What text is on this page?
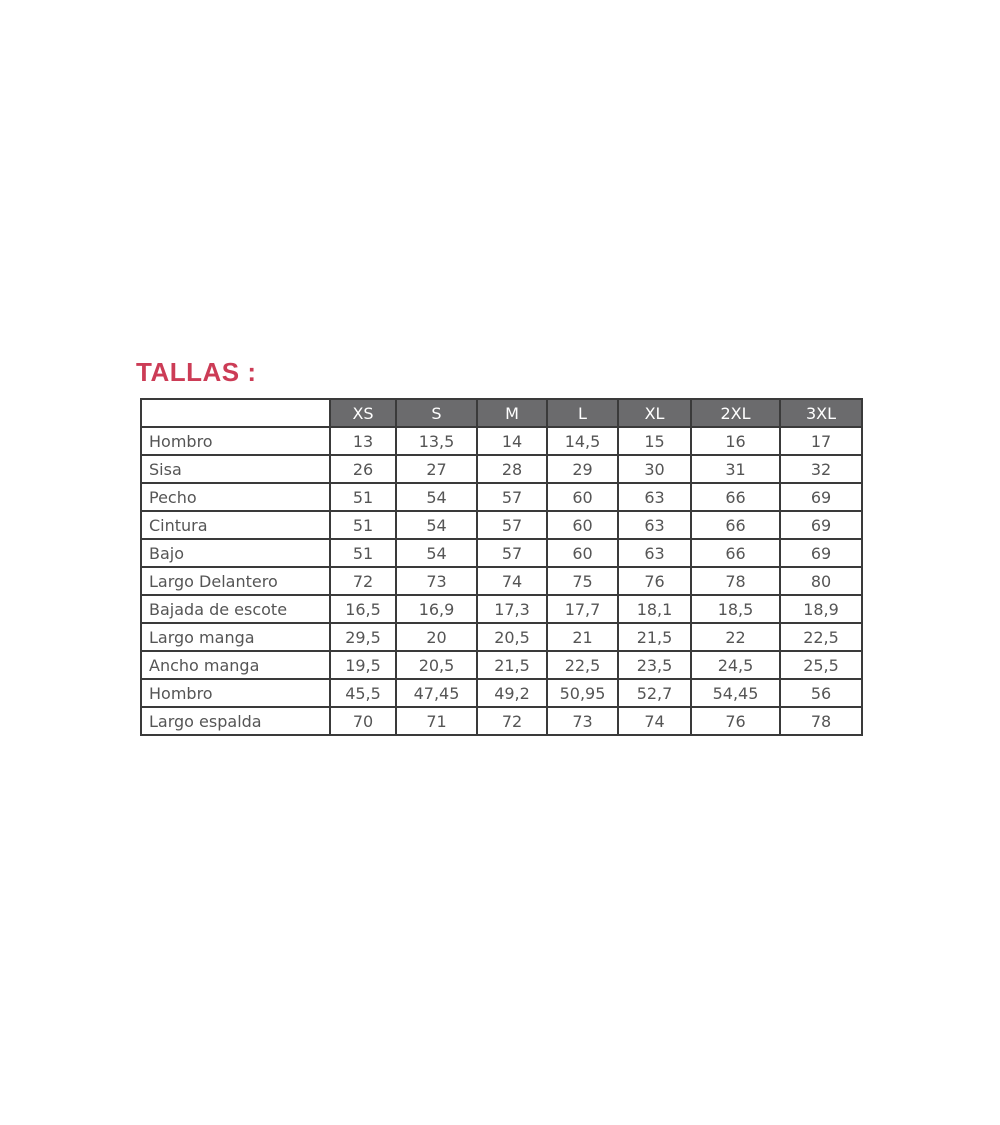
TALLAS :
	XS	S	M	L	XL	2XL	3XL
Hombro	13	13,5	14	14,5	15	16	17
Sisa	26	27	28	29	30	31	32
Pecho	51	54	57	60	63	66	69
Cintura	51	54	57	60	63	66	69
Bajo	51	54	57	60	63	66	69
Largo Delantero	72	73	74	75	76	78	80
Bajada de escote	16,5	16,9	17,3	17,7	18,1	18,5	18,9
Largo manga	29,5	20	20,5	21	21,5	22	22,5
Ancho manga	19,5	20,5	21,5	22,5	23,5	24,5	25,5
Hombro	45,5	47,45	49,2	50,95	52,7	54,45	56
Largo espalda	70	71	72	73	74	76	78
